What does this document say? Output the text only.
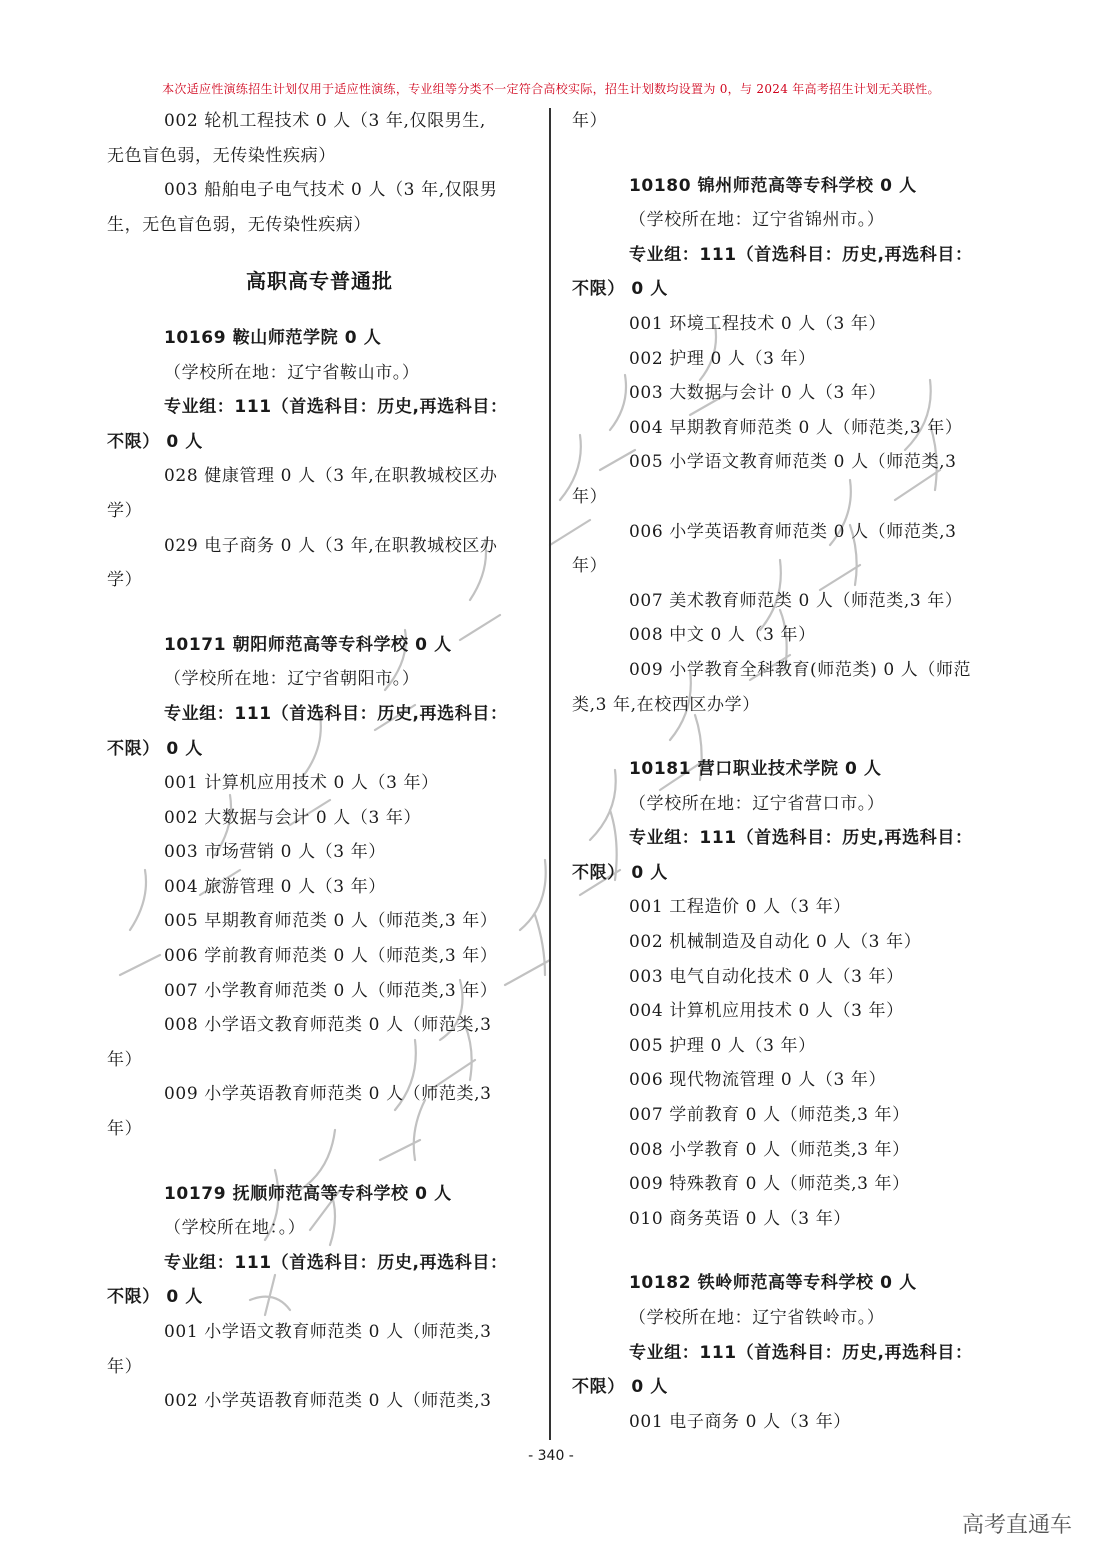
本次适应性演练招生计划仅用于适应性演练，专业组等分类不一定符合高校实际，招生计划数均设置为 0，与 2024 年高考招生计划无关联性。

002 轮机工程技术 0 人（3 年,仅限男生,
无色盲色弱，无传染性疾病）

003 船舶电子电气技术 0 人（3 年,仅限男
生，无色盲色弱，无传染性疾病）

高职高专普通批

10169 鞍山师范学院 0 人

（学校所在地：辽宁省鞍山市。）

专业组：111（首选科目：历史,再选科目：
不限） 0 人

028 健康管理 0 人（3 年,在职教城校区办
学）

029 电子商务 0 人（3 年,在职教城校区办
学）

10171 朝阳师范高等专科学校 0 人

（学校所在地：辽宁省朝阳市。）

专业组：111（首选科目：历史,再选科目：
不限） 0 人

001 计算机应用技术 0 人（3 年）

002 大数据与会计 0 人（3 年）

003 市场营销 0 人（3 年）

004 旅游管理 0 人（3 年）

005 早期教育师范类 0 人（师范类,3 年）

006 学前教育师范类 0 人（师范类,3 年）

007 小学教育师范类 0 人（师范类,3 年）

008 小学语文教育师范类 0 人（师范类,3
年）

009 小学英语教育师范类 0 人（师范类,3
年）

10179 抚顺师范高等专科学校 0 人

（学校所在地：。）

专业组：111（首选科目：历史,再选科目：
不限） 0 人

001 小学语文教育师范类 0 人（师范类,3
年）

002 小学英语教育师范类 0 人（师范类,3

年）

10180 锦州师范高等专科学校 0 人

（学校所在地：辽宁省锦州市。）

专业组：111（首选科目：历史,再选科目：
不限） 0 人

001 环境工程技术 0 人（3 年）

002 护理 0 人（3 年）

003 大数据与会计 0 人（3 年）

004 早期教育师范类 0 人（师范类,3 年）

005 小学语文教育师范类 0 人（师范类,3
年）

006 小学英语教育师范类 0 人（师范类,3
年）

007 美术教育师范类 0 人（师范类,3 年）

008 中文 0 人（3 年）

009 小学教育全科教育(师范类) 0 人（师范
类,3 年,在校西区办学）

10181 营口职业技术学院 0 人

（学校所在地：辽宁省营口市。）

专业组：111（首选科目：历史,再选科目：
不限） 0 人

001 工程造价 0 人（3 年）

002 机械制造及自动化 0 人（3 年）

003 电气自动化技术 0 人（3 年）

004 计算机应用技术 0 人（3 年）

005 护理 0 人（3 年）

006 现代物流管理 0 人（3 年）

007 学前教育 0 人（师范类,3 年）

008 小学教育 0 人（师范类,3 年）

009 特殊教育 0 人（师范类,3 年）

010 商务英语 0 人（3 年）

10182 铁岭师范高等专科学校 0 人

（学校所在地：辽宁省铁岭市。）

专业组：111（首选科目：历史,再选科目：
不限） 0 人

001 电子商务 0 人（3 年）

- 340 -
高考直通车
